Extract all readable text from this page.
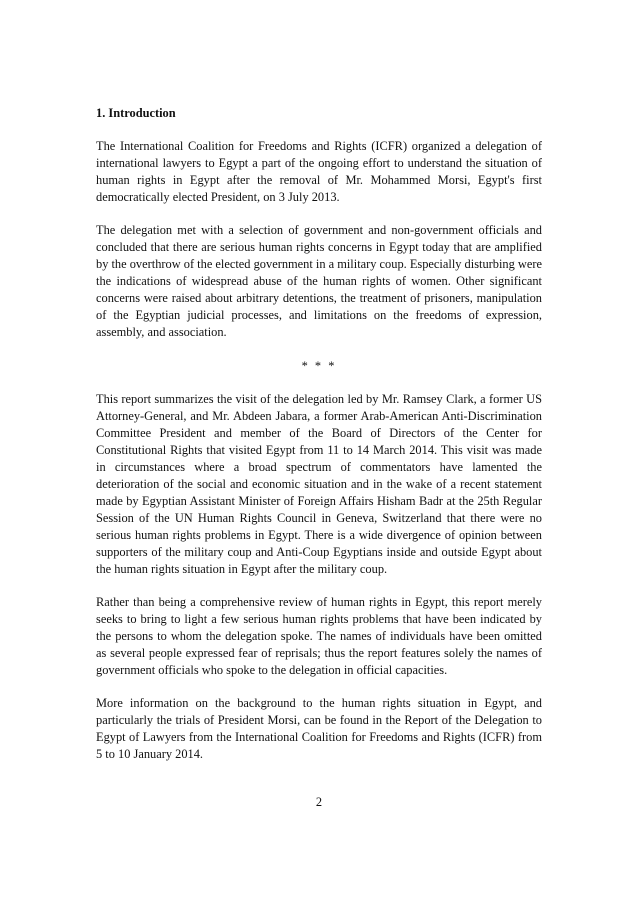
1. Introduction

The International Coalition for Freedoms and Rights (ICFR) organized a delegation of international lawyers to Egypt a part of the ongoing effort to understand the situation of human rights in Egypt after the removal of Mr. Mohammed Morsi, Egypt's first democratically elected President, on 3 July 2013.

The delegation met with a selection of government and non-government officials and concluded that there are serious human rights concerns in Egypt today that are amplified by the overthrow of the elected government in a military coup. Especially disturbing were the indications of widespread abuse of the human rights of women. Other significant concerns were raised about arbitrary detentions, the treatment of prisoners, manipulation of the Egyptian judicial processes, and limitations on the freedoms of expression, assembly, and association.

* * *

This report summarizes the visit of the delegation led by Mr. Ramsey Clark, a former US Attorney-General, and Mr. Abdeen Jabara, a former Arab-American Anti-Discrimination Committee President and member of the Board of Directors of the Center for Constitutional Rights that visited Egypt from 11 to 14 March 2014. This visit was made in circumstances where a broad spectrum of commentators have lamented the deterioration of the social and economic situation and in the wake of a recent statement made by Egyptian Assistant Minister of Foreign Affairs Hisham Badr at the 25th Regular Session of the UN Human Rights Council in Geneva, Switzerland that there were no serious human rights problems in Egypt. There is a wide divergence of opinion between supporters of the military coup and Anti-Coup Egyptians inside and outside Egypt about the human rights situation in Egypt after the military coup.

Rather than being a comprehensive review of human rights in Egypt, this report merely seeks to bring to light a few serious human rights problems that have been indicated by the persons to whom the delegation spoke. The names of individuals have been omitted as several people expressed fear of reprisals; thus the report features solely the names of government officials who spoke to the delegation in official capacities.

More information on the background to the human rights situation in Egypt, and particularly the trials of President Morsi, can be found in the Report of the Delegation to Egypt of Lawyers from the International Coalition for Freedoms and Rights (ICFR) from 5 to 10 January 2014.

2
